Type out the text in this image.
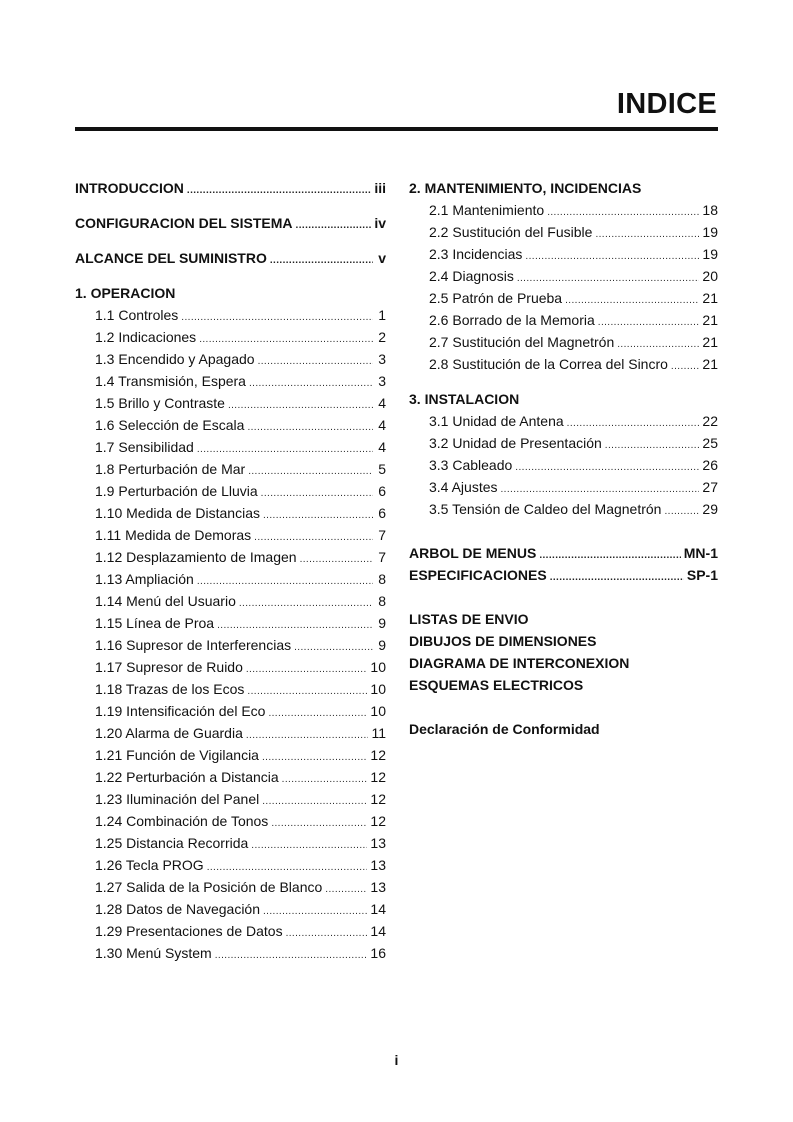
INDICE
INTRODUCCION .....	iii
CONFIGURACION DEL SISTEMA .....	iv
ALCANCE DEL SUMINISTRO .....	v
1. OPERACION
1.1 Controles .....	1
1.2 Indicaciones .....	2
1.3 Encendido y Apagado .....	3
1.4 Transmisión, Espera .....	3
1.5 Brillo y Contraste .....	4
1.6 Selección de Escala .....	4
1.7 Sensibilidad .....	4
1.8 Perturbación de Mar .....	5
1.9 Perturbación de Lluvia .....	6
1.10 Medida de Distancias .....	6
1.11 Medida de Demoras .....	7
1.12 Desplazamiento de Imagen .....	7
1.13 Ampliación .....	8
1.14 Menú del Usuario .....	8
1.15 Línea de Proa .....	9
1.16 Supresor de Interferencias .....	9
1.17 Supresor de Ruido .....	10
1.18 Trazas de los Ecos .....	10
1.19 Intensificación del Eco .....	10
1.20 Alarma de Guardia .....	11
1.21 Función de Vigilancia .....	12
1.22 Perturbación a Distancia .....	12
1.23 Iluminación del Panel .....	12
1.24 Combinación de Tonos .....	12
1.25 Distancia Recorrida .....	13
1.26 Tecla PROG .....	13
1.27 Salida de la Posición de Blanco .....	13
1.28 Datos de Navegación .....	14
1.29 Presentaciones de Datos .....	14
1.30 Menú System .....	16
2. MANTENIMIENTO, INCIDENCIAS
2.1 Mantenimiento .....	18
2.2 Sustitución del Fusible .....	19
2.3 Incidencias .....	19
2.4 Diagnosis .....	20
2.5 Patrón de Prueba .....	21
2.6 Borrado de la Memoria .....	21
2.7 Sustitución del Magnetrón .....	21
2.8 Sustitución de la Correa del Sincro ..... 21
3. INSTALACION
3.1 Unidad de Antena .....	22
3.2 Unidad de Presentación .....	25
3.3 Cableado .....	26
3.4 Ajustes .....	27
3.5 Tensión de Caldeo del Magnetrón .....	29
ARBOL DE MENUS .....	MN-1
ESPECIFICACIONES .....	SP-1
LISTAS DE ENVIO
DIBUJOS DE DIMENSIONES
DIAGRAMA DE INTERCONEXION
ESQUEMAS ELECTRICOS
Declaración de Conformidad
i
